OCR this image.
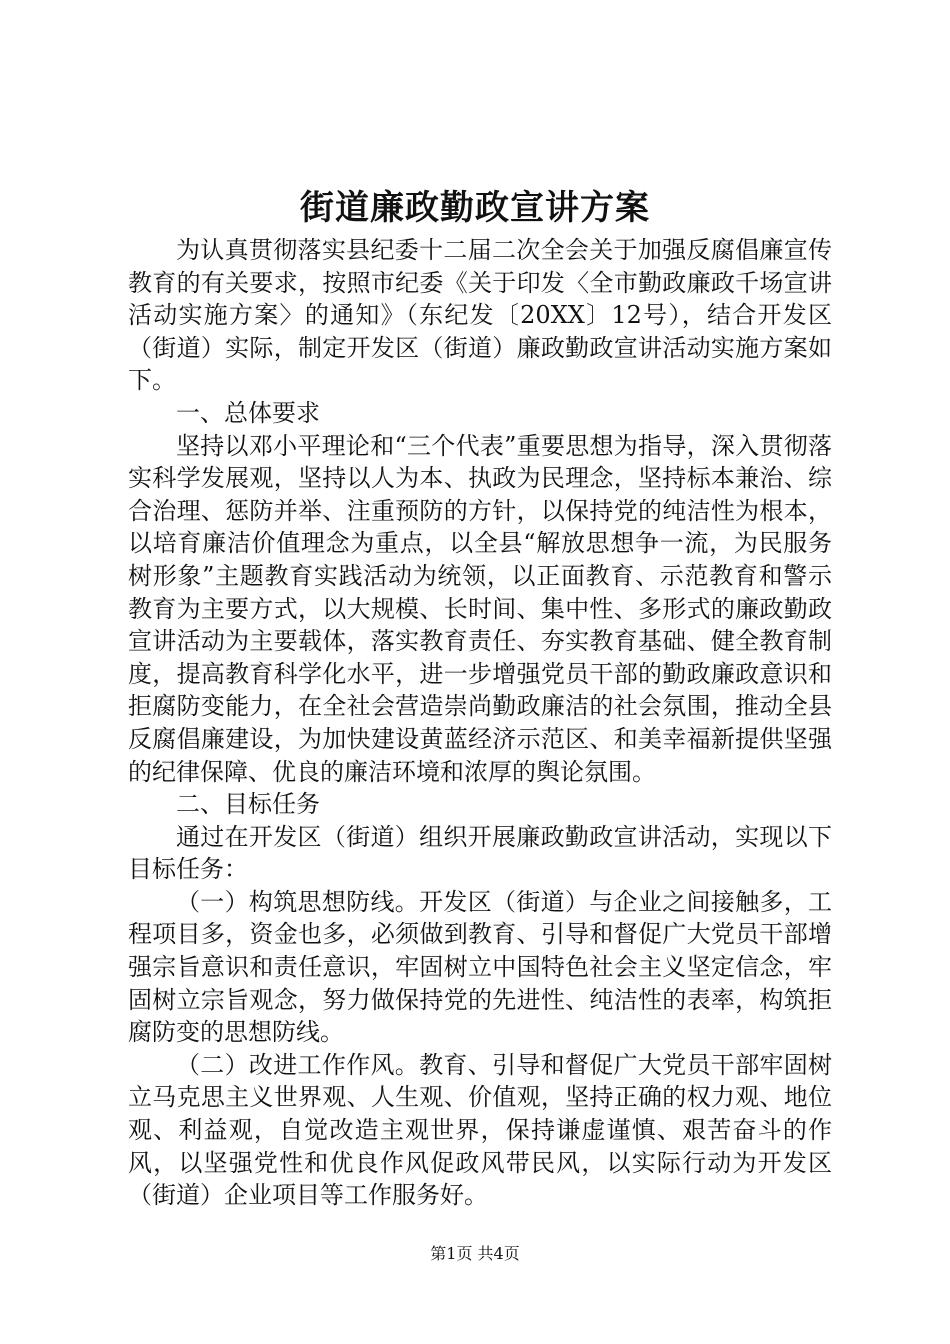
街道廉政勤政宣讲方案

为认真贯彻落实县纪委十二届二次全会关于加强反腐倡廉宣传教育的有关要求，按照市纪委《关于印发〈全市勤政廉政千场宣讲活动实施方案〉的通知》（东纪发〔20XX〕12号），结合开发区（街道）实际，制定开发区（街道）廉政勤政宣讲活动实施方案如下。

一、总体要求

坚持以邓小平理论和“三个代表”重要思想为指导，深入贯彻落实科学发展观，坚持以人为本、执政为民理念，坚持标本兼治、综合治理、惩防并举、注重预防的方针，以保持党的纯洁性为根本，以培育廉洁价值理念为重点，以全县“解放思想争一流，为民服务树形象”主题教育实践活动为统领，以正面教育、示范教育和警示教育为主要方式，以大规模、长时间、集中性、多形式的廉政勤政宣讲活动为主要载体，落实教育责任、夯实教育基础、健全教育制度，提高教育科学化水平，进一步增强党员干部的勤政廉政意识和拒腐防变能力，在全社会营造崇尚勤政廉洁的社会氛围，推动全县反腐倡廉建设，为加快建设黄蓝经济示范区、和美幸福新提供坚强的纪律保障、优良的廉洁环境和浓厚的舆论氛围。

二、目标任务

通过在开发区（街道）组织开展廉政勤政宣讲活动，实现以下目标任务：

（一）构筑思想防线。开发区（街道）与企业之间接触多，工程项目多，资金也多，必须做到教育、引导和督促广大党员干部增强宗旨意识和责任意识，牢固树立中国特色社会主义坚定信念，牢固树立宗旨观念，努力做保持党的先进性、纯洁性的表率，构筑拒腐防变的思想防线。

（二）改进工作作风。教育、引导和督促广大党员干部牢固树立马克思主义世界观、人生观、价值观，坚持正确的权力观、地位观、利益观，自觉改造主观世界，保持谦虚谨慎、艰苦奋斗的作风，以坚强党性和优良作风促政风带民风，以实际行动为开发区（街道）企业项目等工作服务好。

第1页 共4页
